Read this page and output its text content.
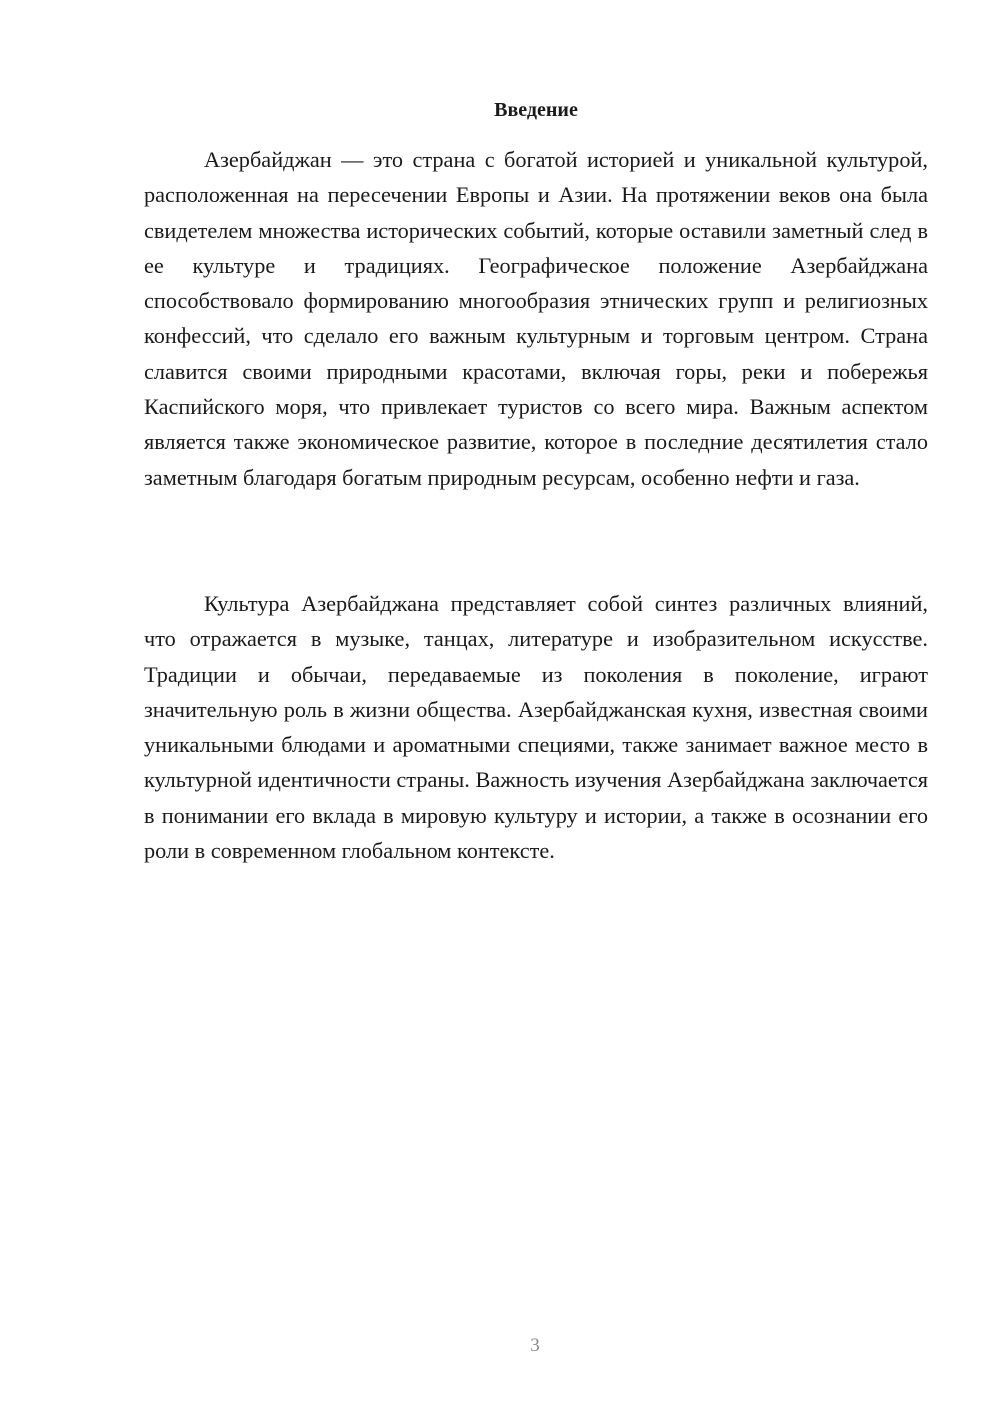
Введение

Азербайджан — это страна с богатой историей и уникальной культурой, расположенная на пересечении Европы и Азии. На протяжении веков она была свидетелем множества исторических событий, которые оставили заметный след в ее культуре и традициях. Географическое положение Азербайджана способствовало формированию многообразия этнических групп и религиозных конфессий, что сделало его важным культурным и торговым центром. Страна славится своими природными красотами, включая горы, реки и побережья Каспийского моря, что привлекает туристов со всего мира. Важным аспектом является также экономическое развитие, которое в последние десятилетия стало заметным благодаря богатым природным ресурсам, особенно нефти и газа.

Культура Азербайджана представляет собой синтез различных влияний, что отражается в музыке, танцах, литературе и изобразительном искусстве. Традиции и обычаи, передаваемые из поколения в поколение, играют значительную роль в жизни общества. Азербайджанская кухня, известная своими уникальными блюдами и ароматными специями, также занимает важное место в культурной идентичности страны. Важность изучения Азербайджана заключается в понимании его вклада в мировую культуру и истории, а также в осознании его роли в современном глобальном контексте.

3
